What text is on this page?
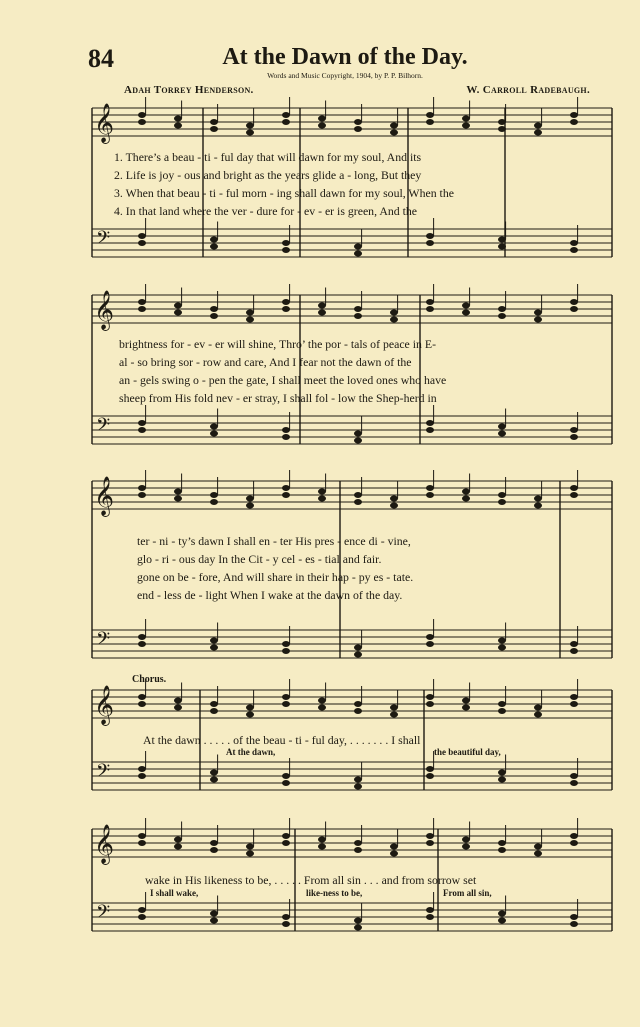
84	At the Dawn of the Day.
Words and Music Copyright, 1904, by P. P. Bilhorn.
Adah Torrey Henderson.	W. Carroll Radebaugh.
𝄞
𝄢
𝄞
𝄢
𝄞
𝄢
𝄞
𝄢
𝄞
𝄢
1. There’s a beau - ti - ful day that will dawn for my soul, And its
2. Life is joy - ous and bright as the years glide a - long, But they
3. When that beau - ti - ful morn - ing shall dawn for my soul, When the
4. In that land where the ver - dure for - ev - er is green, And the
brightness for - ev - er will shine, Thro’ the por - tals of peace in E-
al - so bring sor - row and care, And I fear not the dawn of the
an - gels swing o - pen the gate, I shall meet the loved ones who have
sheep from His fold nev - er stray, I shall fol - low the Shep-herd in
ter - ni - ty’s dawn I shall en - ter His pres - ence di - vine,
glo - ri - ous day In the Cit - y cel - es - tial and fair.
gone on be - fore, And will share in their hap - py es - tate.
end - less de - light When I wake at the dawn of the day.
Chorus.
At the dawn . . . . . of the beau - ti - ful day, . . . . . . . I shall
At the dawn,	the beautiful day,
wake in His likeness to be, . . . . . From all sin . . . and from sorrow set
I shall wake,	like-ness to be,	From all sin,
